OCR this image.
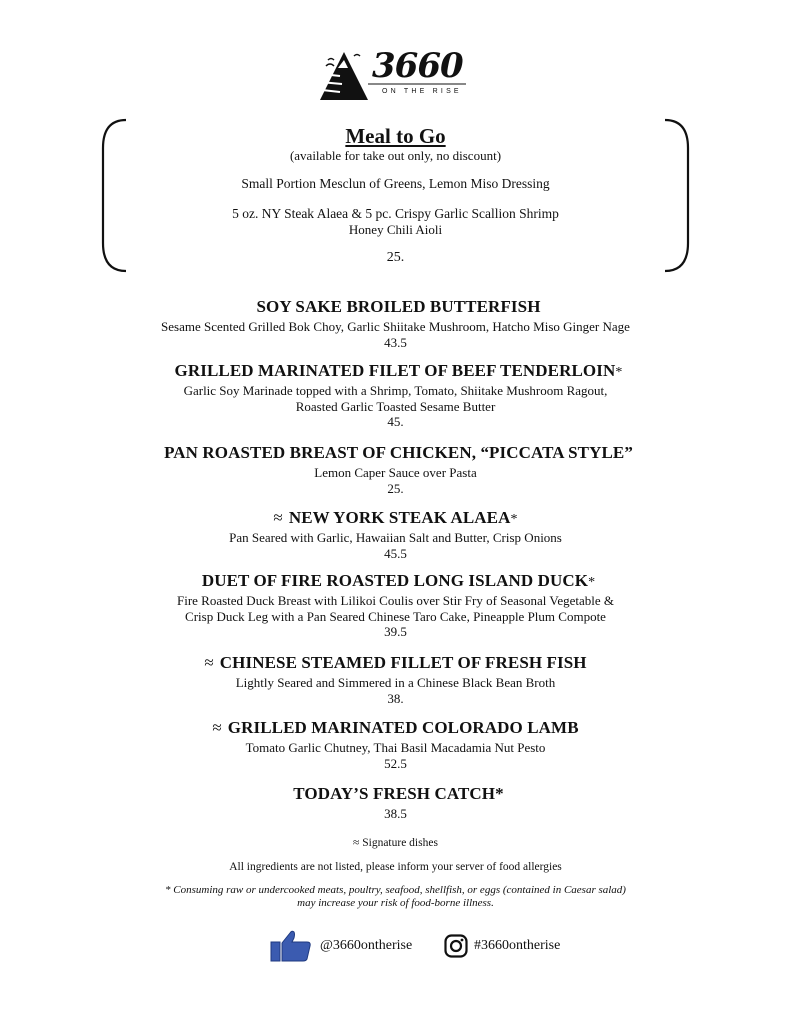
3660
ON THE RISE
Meal to Go
(available for take out only, no discount)
Small Portion Mesclun of Greens, Lemon Miso Dressing
5 oz. NY Steak Alaea & 5 pc. Crispy Garlic Scallion Shrimp
Honey Chili Aioli
25.
SOY SAKE BROILED BUTTERFISH
Sesame Scented Grilled Bok Choy, Garlic Shiitake Mushroom, Hatcho Miso Ginger Nage
43.5
GRILLED MARINATED FILET OF BEEF TENDERLOIN*
Garlic Soy Marinade topped with a Shrimp, Tomato, Shiitake Mushroom Ragout,
Roasted Garlic Toasted Sesame Butter
45.
PAN ROASTED BREAST OF CHICKEN, “PICCATA STYLE”
Lemon Caper Sauce over Pasta
25.
≈ NEW YORK STEAK ALAEA*
Pan Seared with Garlic, Hawaiian Salt and Butter, Crisp Onions
45.5
DUET OF FIRE ROASTED LONG ISLAND DUCK*
Fire Roasted Duck Breast with Lilikoi Coulis over Stir Fry of Seasonal Vegetable &
Crisp Duck Leg with a Pan Seared Chinese Taro Cake, Pineapple Plum Compote
39.5
≈ CHINESE STEAMED FILLET OF FRESH FISH
Lightly Seared and Simmered in a Chinese Black Bean Broth
38.
≈ GRILLED MARINATED COLORADO LAMB
Tomato Garlic Chutney, Thai Basil Macadamia Nut Pesto
52.5
TODAY’S FRESH CATCH*
38.5
≈ Signature dishes
All ingredients are not listed, please inform your server of food allergies
* Consuming raw or undercooked meats, poultry, seafood, shellfish, or eggs (contained in Caesar salad)
may increase your risk of food-borne illness.
@3660ontherise	#3660ontherise
